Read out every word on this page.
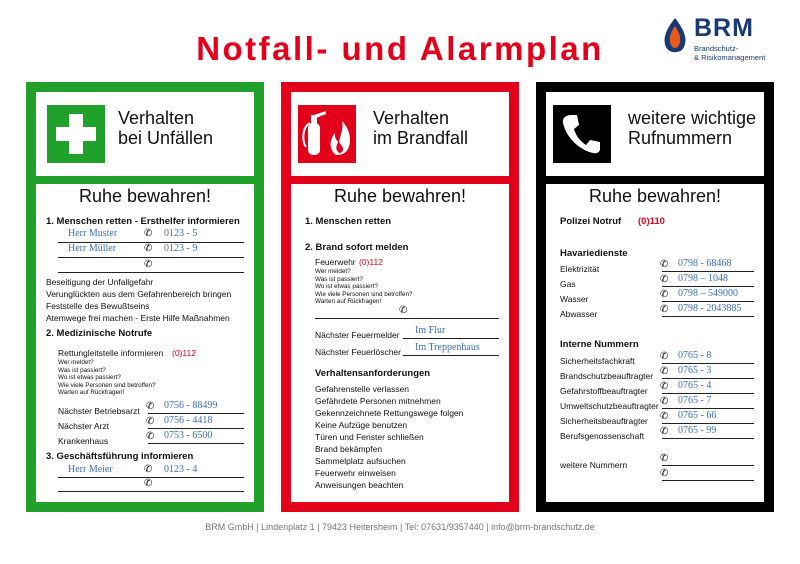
Notfall- und Alarmplan
BRM
Brandschutz-
& Risikomanagement
Verhalten
bei Unfällen
Ruhe bewahren!
1. Menschen retten - Ersthelfer informieren
Herr Muster	✆ 0123 - 5
Herr Müller	✆ 0123 - 9
✆
Beseitigung der Unfallgefahr
Verunglückten aus dem Gefahrenbereich bringen
Feststelle des Bewußtseins
Atemwege frei machen - Erste Hilfe Maßnahmen
2. Medizinische Notrufe
Rettungleitstelle informieren (0)112
Wer meldet?
Was ist passiert?
Wo ist etwas passiert?
Wie viele Personen sind betroffen?
Warten auf Rückfragen!
Nächster Betriebsarzt ✆ 0756 - 88499
Nächster Arzt	✆ 0756 - 4418
Krankenhaus	✆ 0753 - 6500
3. Geschäftsführung informieren
Herr Meier	✆ 0123 - 4
✆
Verhalten
im Brandfall
Ruhe bewahren!
1. Menschen retten
2. Brand sofort melden
Feuerwehr (0)112
Wer meldet?
Was ist passiert?
Wo ist etwas passiert?
Wie viele Personen sind betroffen?
Warten auf Rückfragen!
✆
Nächster Feuermelder Im Flur
Nächster Feuerlöscher Im Treppenhaus
Verhaltensanforderungen
Gefahrenstelle verlassen
Gefährdete Personen mitnehmen
Gekennzeichnete Rettungswege folgen
Keine Aufzüge benutzen
Türen und Fenster schließen
Brand bekämpfen
Sammelplatz aufsuchen
Feuerwehr einweisen
Anweisungen beachten
weitere wichtige
Rufnummern
Ruhe bewahren!
Polizei Notruf (0)110
Havariedienste
Elektrizität	✆ 0798 - 68468
Gas	✆ 0798 – 1048
Wasser	✆ 0798 – 549000
Abwasser	✆ 0798 - 2043885
Interne Nummern
Sicherheitsfachkraft	✆ 0765 - 8
Brandschutzbeauftragter ✆ 0765 - 3
Gefahrstoffbeauftragter ✆ 0765 - 4
Umweltschutzbeauftragter ✆ 0765 - 7
Sicherheitsbeauftragter ✆ 0765 - 66
Berufsgenossenschaft ✆ 0765 - 99
weitere Nummern
✆
✆
BRM GmbH | Lindenplatz 1 | 79423 Heitersheim | Tel: 07631/9357440 | info@brm-brandschutz.de
